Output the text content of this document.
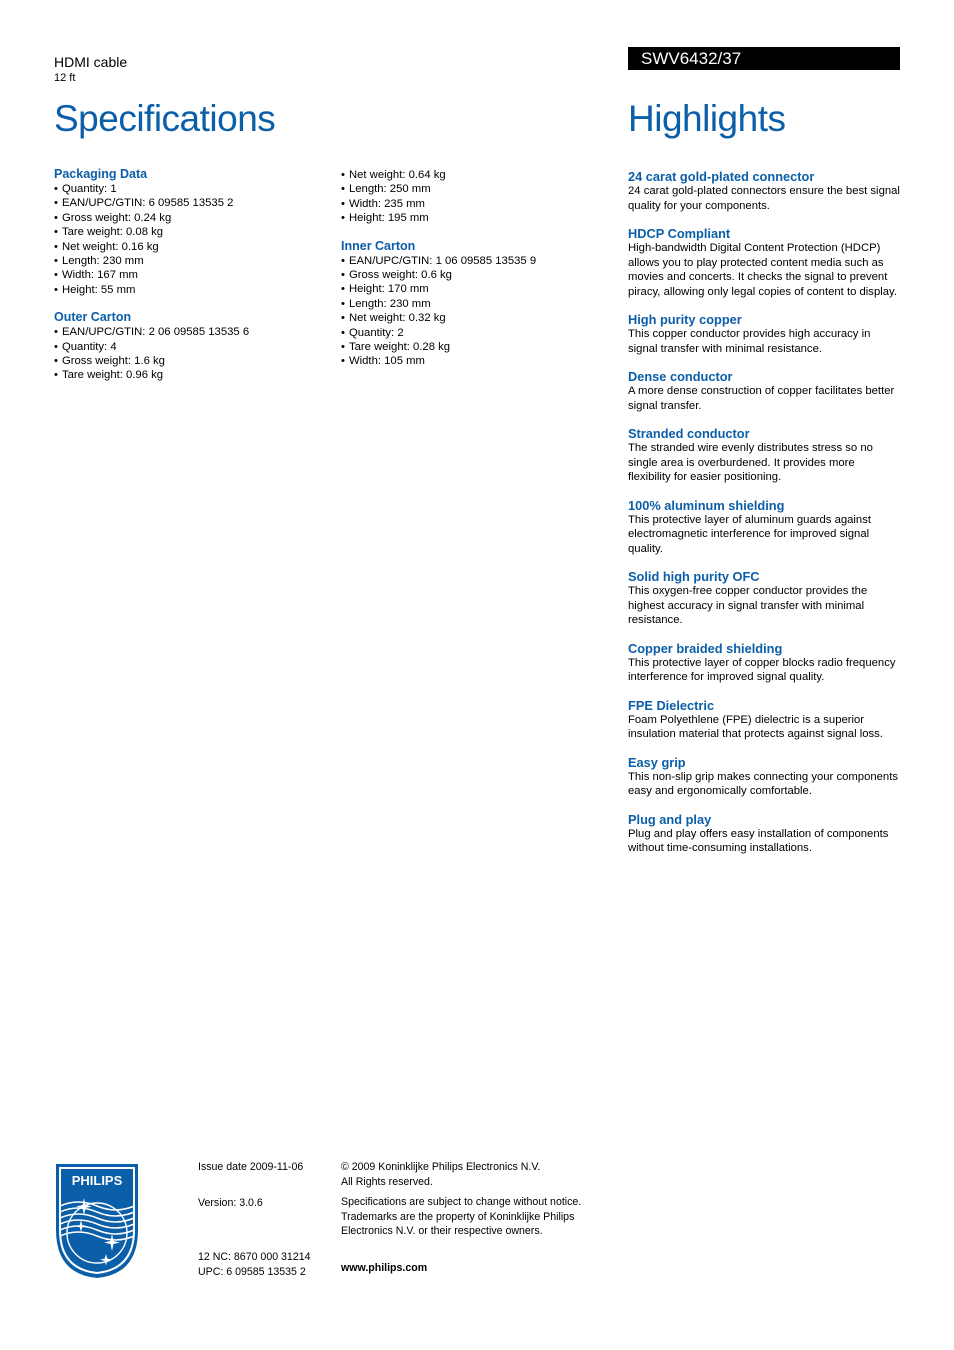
HDMI cable
12 ft
Specifications
SWV6432/37
Highlights
Packaging Data
• Quantity: 1
• EAN/UPC/GTIN: 6 09585 13535 2
• Gross weight: 0.24 kg
• Tare weight: 0.08 kg
• Net weight: 0.16 kg
• Length: 230 mm
• Width: 167 mm
• Height: 55 mm
Outer Carton
• EAN/UPC/GTIN: 2 06 09585 13535 6
• Quantity: 4
• Gross weight: 1.6 kg
• Tare weight: 0.96 kg
• Net weight: 0.64 kg
• Length: 250 mm
• Width: 235 mm
• Height: 195 mm
Inner Carton
• EAN/UPC/GTIN: 1 06 09585 13535 9
• Gross weight: 0.6 kg
• Height: 170 mm
• Length: 230 mm
• Net weight: 0.32 kg
• Quantity: 2
• Tare weight: 0.28 kg
• Width: 105 mm
24 carat gold-plated connector
24 carat gold-plated connectors ensure the best signal quality for your components.
HDCP Compliant
High-bandwidth Digital Content Protection (HDCP) allows you to play protected content media such as movies and concerts. It checks the signal to prevent piracy, allowing only legal copies of content to display.
High purity copper
This copper conductor provides high accuracy in signal transfer with minimal resistance.
Dense conductor
A more dense construction of copper facilitates better signal transfer.
Stranded conductor
The stranded wire evenly distributes stress so no single area is overburdened. It provides more flexibility for easier positioning.
100% aluminum shielding
This protective layer of aluminum guards against electromagnetic interference for improved signal quality.
Solid high purity OFC
This oxygen-free copper conductor provides the highest accuracy in signal transfer with minimal resistance.
Copper braided shielding
This protective layer of copper blocks radio frequency interference for improved signal quality.
FPE Dielectric
Foam Polyethlene (FPE) dielectric is a superior insulation material that protects against signal loss.
Easy grip
This non-slip grip makes connecting your components easy and ergonomically comfortable.
Plug and play
Plug and play offers easy installation of components without time-consuming installations.
PHILIPS
Issue date 2009-11-06
Version: 3.0.6
12 NC: 8670 000 31214
UPC: 6 09585 13535 2
© 2009 Koninklijke Philips Electronics N.V.
All Rights reserved.
Specifications are subject to change without notice.
Trademarks are the property of Koninklijke Philips
Electronics N.V. or their respective owners.
www.philips.com
